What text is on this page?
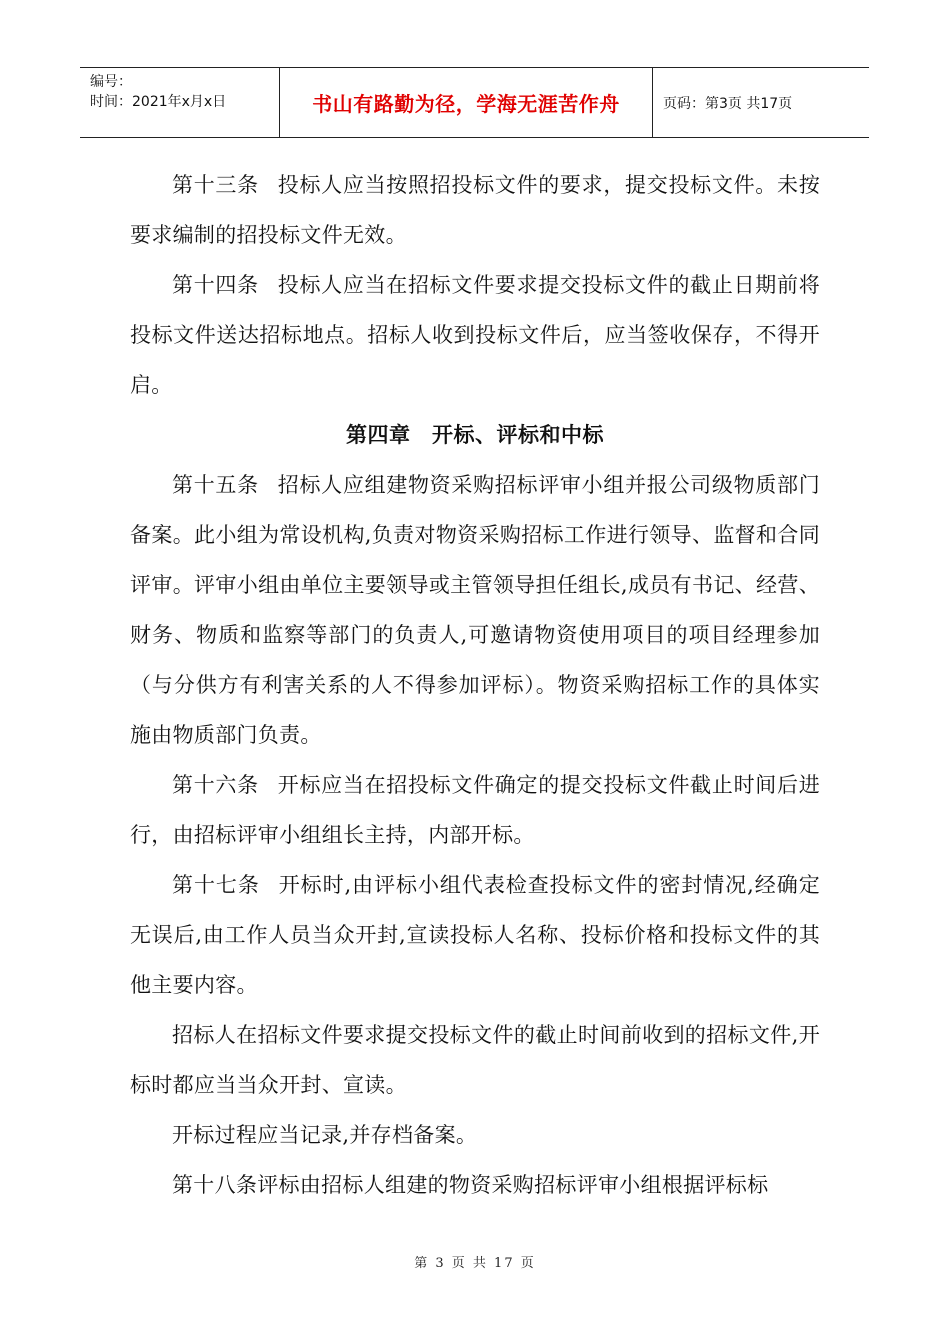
编号：
时间：2021年x月x日	书山有路勤为径，学海无涯苦作舟	页码：第3页 共17页

第十三条 投标人应当按照招投标文件的要求，提交投标文件。未按要求编制的招投标文件无效。

第十四条 投标人应当在招标文件要求提交投标文件的截止日期前将投标文件送达招标地点。招标人收到投标文件后，应当签收保存，不得开启。

第四章　开标、评标和中标

第十五条 招标人应组建物资采购招标评审小组并报公司级物质部门备案。此小组为常设机构,负责对物资采购招标工作进行领导、监督和合同评审。评审小组由单位主要领导或主管领导担任组长,成员有书记、经营、财务、物质和监察等部门的负责人,可邀请物资使用项目的项目经理参加（与分供方有利害关系的人不得参加评标）。物资采购招标工作的具体实施由物质部门负责。

第十六条 开标应当在招投标文件确定的提交投标文件截止时间后进行，由招标评审小组组长主持，内部开标。

第十七条 开标时,由评标小组代表检查投标文件的密封情况,经确定无误后,由工作人员当众开封,宣读投标人名称、投标价格和投标文件的其他主要内容。

招标人在招标文件要求提交投标文件的截止时间前收到的招标文件,开标时都应当当众开封、宣读。

开标过程应当记录,并存档备案。

第十八条评标由招标人组建的物资采购招标评审小组根据评标标

第 3 页 共 17 页
